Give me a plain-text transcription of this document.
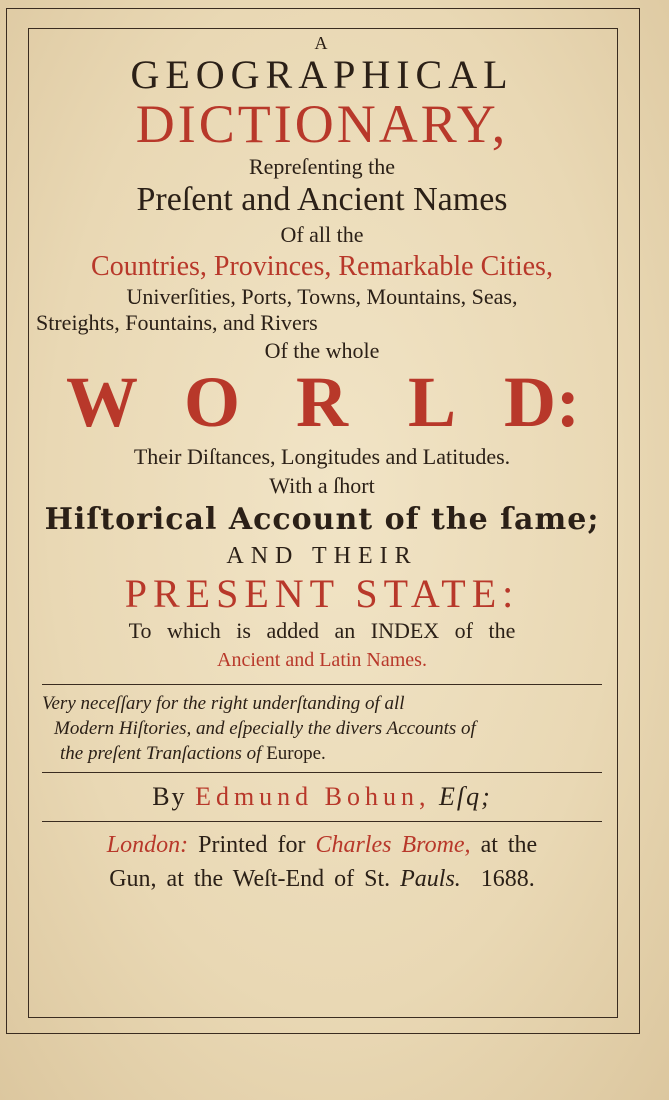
A
GEOGRAPHICAL
DICTIONARY,
Repreſenting the
Preſent and Ancient Names
Of all the
Countries, Provinces, Remarkable Cities,
Univerſities, Ports, Towns, Mountains, Seas,
Streights, Fountains, and Rivers
Of the whole
W O R L D:
Their Diſtances, Longitudes and Latitudes.
With a ſhort
Hiſtorical Account of the ſame;
AND THEIR
PRESENT STATE:
To which is added an INDEX of the
Ancient and Latin Names.
Very neceſſary for the right underſtanding of all
Modern Hiſtories, and eſpecially the divers Accounts of
the preſent Tranſactions of Europe.
By Edmund Bohun, Eſq;
London: Printed for Charles Brome, at the
Gun, at the Weſt-End of St. Pauls. 1688.
